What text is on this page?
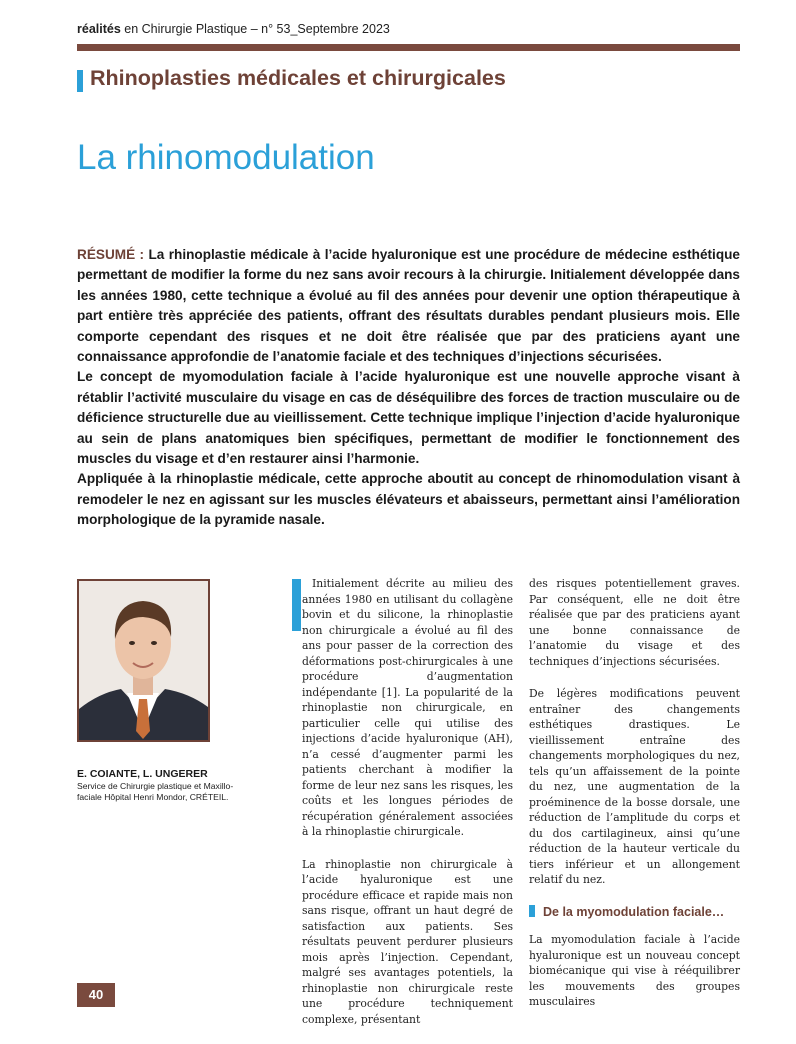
réalités en Chirurgie Plastique – n° 53_Septembre 2023
Rhinoplasties médicales et chirurgicales
La rhinomodulation

RÉSUMÉ : La rhinoplastie médicale à l’acide hyaluronique est une procédure de médecine esthétique permettant de modifier la forme du nez sans avoir recours à la chirurgie. Initialement développée dans les années 1980, cette technique a évolué au fil des années pour devenir une option thérapeutique à part entière très appréciée des patients, offrant des résultats durables pendant plusieurs mois. Elle comporte cependant des risques et ne doit être réalisée que par des praticiens ayant une connaissance approfondie de l’anatomie faciale et des techniques d’injections sécurisées.

Le concept de myomodulation faciale à l’acide hyaluronique est une nouvelle approche visant à rétablir l’activité musculaire du visage en cas de déséquilibre des forces de traction musculaire ou de déficience structurelle due au vieillissement. Cette technique implique l’injection d’acide hyaluronique au sein de plans anatomiques bien spécifiques, permettant de modifier le fonctionnement des muscles du visage et d’en restaurer ainsi l’harmonie.

Appliquée à la rhinoplastie médicale, cette approche aboutit au concept de rhinomodulation visant à remodeler le nez en agissant sur les muscles élévateurs et abaisseurs, permettant ainsi l’amélioration morphologique de la pyramide nasale.

E. COIANTE, L. UNGERER
Service de Chirurgie plastique et Maxillo-faciale Hôpital Henri Mondor, CRÉTEIL.

Initialement décrite au milieu des années 1980 en utilisant du collagène bovin et du silicone, la rhinoplastie non chirurgicale a évolué au fil des ans pour passer de la correction des déformations post-chirurgicales à une procédure d’augmentation indépendante [1]. La popularité de la rhinoplastie non chirurgicale, en particulier celle qui utilise des injections d’acide hyaluronique (AH), n’a cessé d’augmenter parmi les patients cherchant à modifier la forme de leur nez sans les risques, les coûts et les longues périodes de récupération généralement associées à la rhinoplastie chirurgicale.

La rhinoplastie non chirurgicale à l’acide hyaluronique est une procédure efficace et rapide mais non sans risque, offrant un haut degré de satisfaction aux patients. Ses résultats peuvent perdurer plusieurs mois après l’injection. Cependant, malgré ses avantages potentiels, la rhinoplastie non chirurgicale reste une procédure techniquement complexe, présentant

des risques potentiellement graves. Par conséquent, elle ne doit être réalisée que par des praticiens ayant une bonne connaissance de l’anatomie du visage et des techniques d’injections sécurisées.

De légères modifications peuvent entraîner des changements esthétiques drastiques. Le vieillissement entraîne des changements morphologiques du nez, tels qu’un affaissement de la pointe du nez, une augmentation de la proéminence de la bosse dorsale, une réduction de l’amplitude du corps et du dos cartilagineux, ainsi qu’une réduction de la hauteur verticale du tiers inférieur et un allongement relatif du nez.

De la myomodulation faciale…

La myomodulation faciale à l’acide hyaluronique est un nouveau concept biomécanique qui vise à rééquilibrer les mouvements des groupes musculaires

40
